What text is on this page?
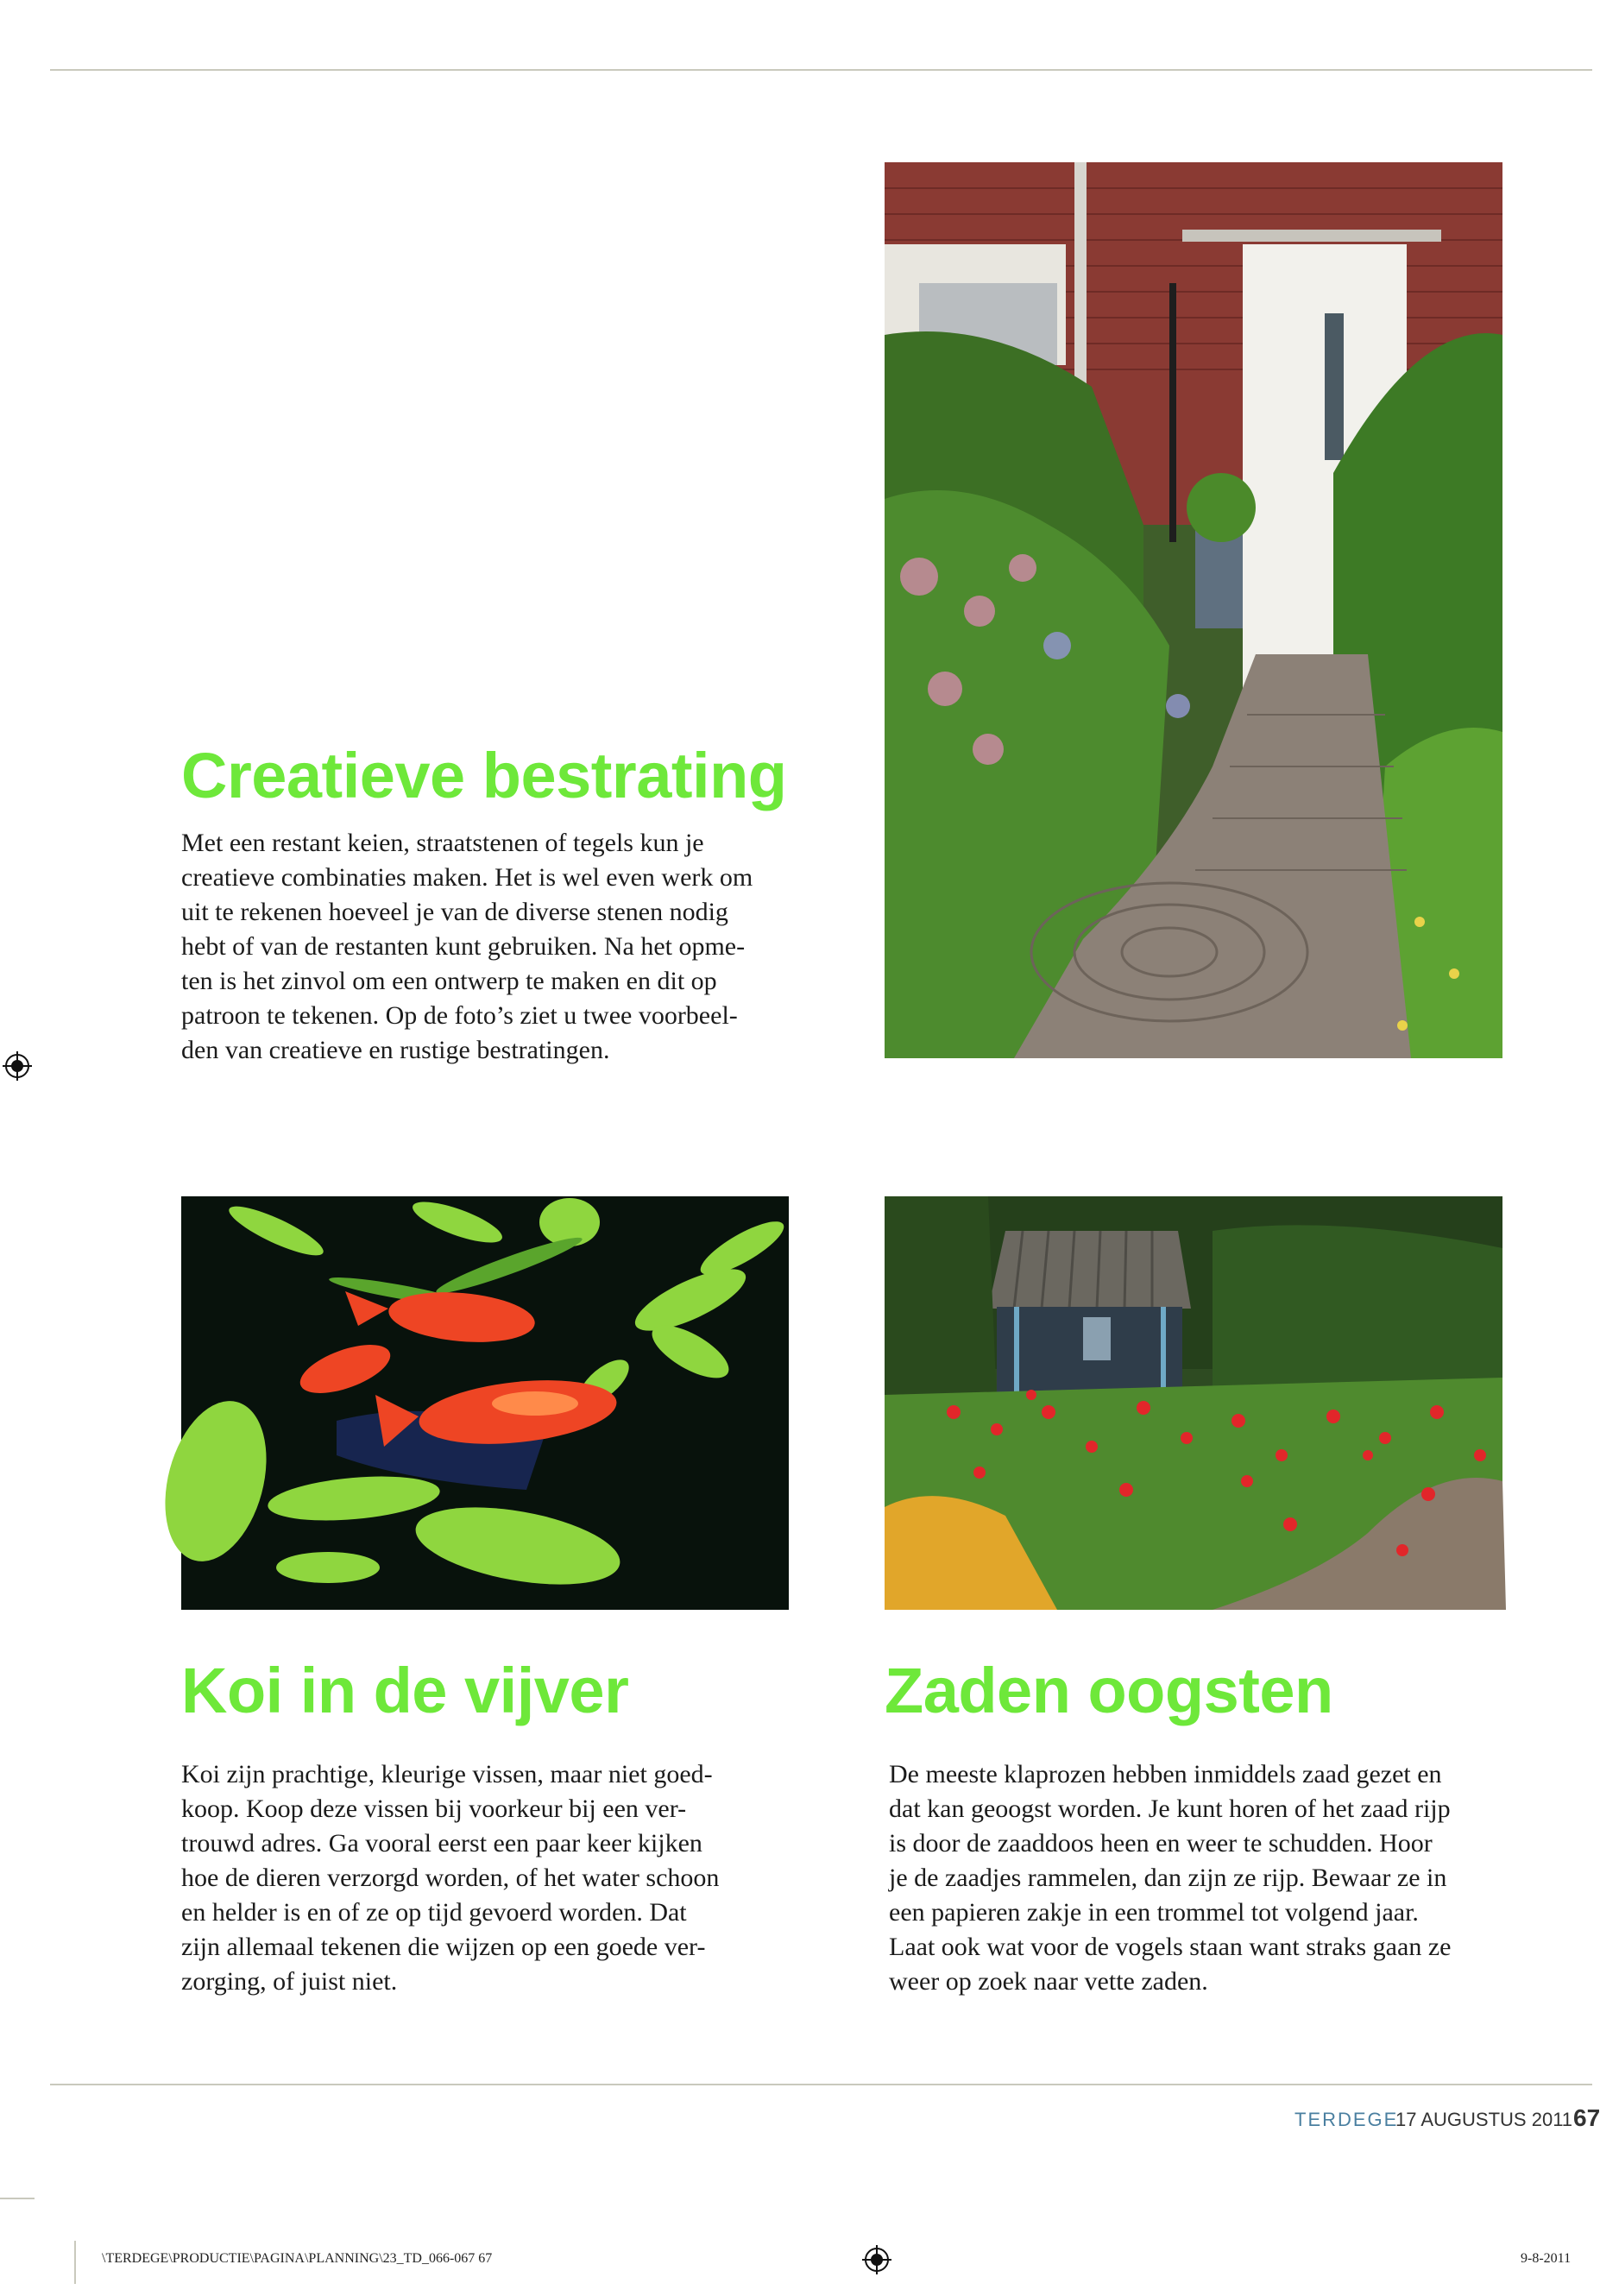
Creatieve bestrating
Met een restant keien, straatstenen of tegels kun je
creatieve combinaties maken. Het is wel even werk om
uit te rekenen hoeveel je van de diverse stenen nodig
hebt of van de restanten kunt gebruiken. Na het opme-
ten is het zinvol om een ontwerp te maken en dit op
patroon te tekenen. Op de foto’s ziet u twee voorbeel-
den van creatieve en rustige bestratingen.
Koi in de vijver
Koi zijn prachtige, kleurige vissen, maar niet goed-
koop. Koop deze vissen bij voorkeur bij een ver-
trouwd adres. Ga vooral eerst een paar keer kijken
hoe de dieren verzorgd worden, of het water schoon
en helder is en of ze op tijd gevoerd worden. Dat
zijn allemaal tekenen die wijzen op een goede ver-
zorging, of juist niet.
Zaden oogsten
De meeste klaprozen hebben inmiddels zaad gezet en
dat kan geoogst worden. Je kunt horen of het zaad rijp
is door de zaaddoos heen en weer te schudden. Hoor
je de zaadjes rammelen, dan zijn ze rijp. Bewaar ze in
een papieren zakje in een trommel tot volgend jaar.
Laat ook wat voor de vogels staan want straks gaan ze
weer op zoek naar vette zaden.
TERDEGE
17 AUGUSTUS 2011 67
\TERDEGE\PRODUCTIE\PAGINA\PLANNING\23_TD_066-067 67	9-8-2011
